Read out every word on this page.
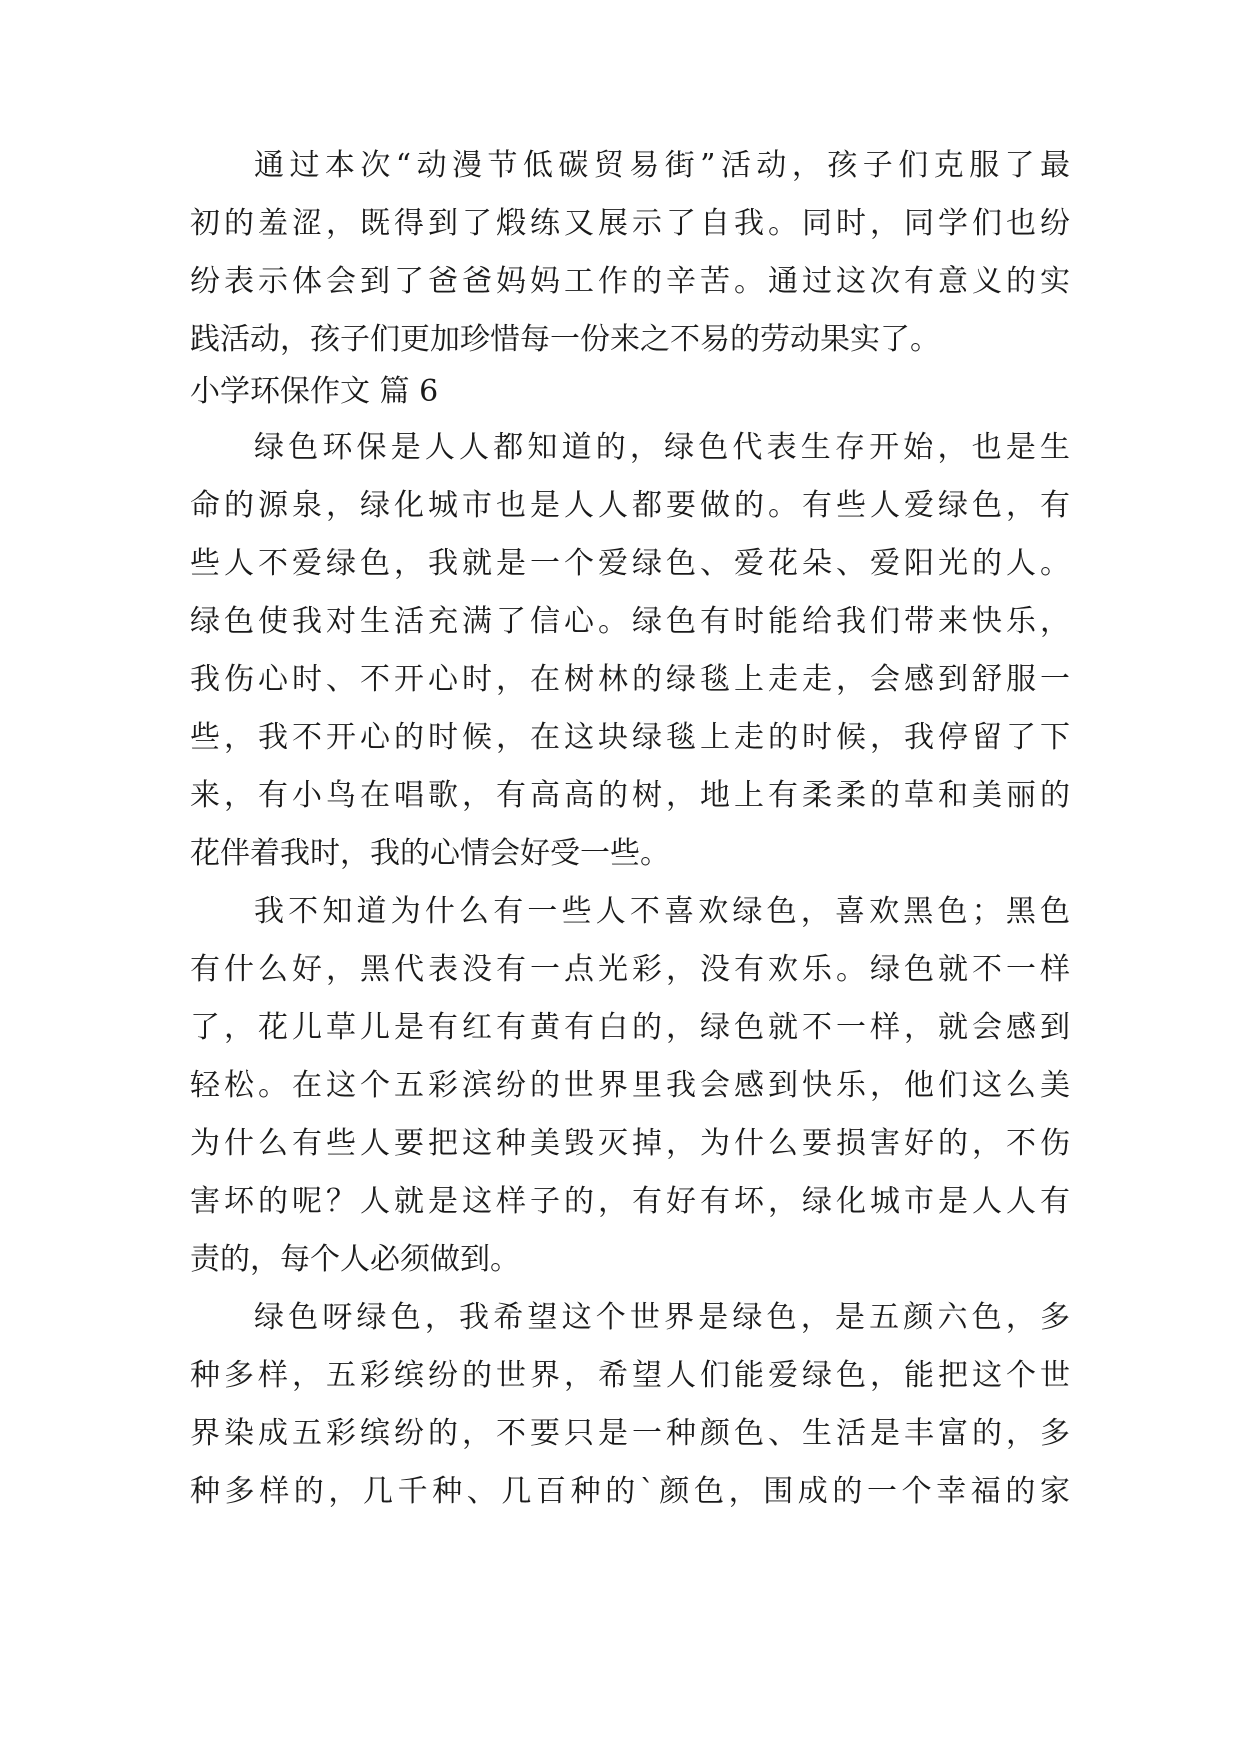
通过本次“动漫节低碳贸易街”活动，孩子们克服了最
初的羞涩，既得到了煅练又展示了自我。同时，同学们也纷
纷表示体会到了爸爸妈妈工作的辛苦。通过这次有意义的实
践活动，孩子们更加珍惜每一份来之不易的劳动果实了。
小学环保作文 篇 6
绿色环保是人人都知道的，绿色代表生存开始，也是生
命的源泉，绿化城市也是人人都要做的。有些人爱绿色，有
些人不爱绿色，我就是一个爱绿色、爱花朵、爱阳光的人。
绿色使我对生活充满了信心。绿色有时能给我们带来快乐，
我伤心时、不开心时，在树林的绿毯上走走，会感到舒服一
些，我不开心的时候，在这块绿毯上走的时候，我停留了下
来，有小鸟在唱歌，有高高的树，地上有柔柔的草和美丽的
花伴着我时，我的心情会好受一些。
我不知道为什么有一些人不喜欢绿色，喜欢黑色；黑色
有什么好，黑代表没有一点光彩，没有欢乐。绿色就不一样
了，花儿草儿是有红有黄有白的，绿色就不一样，就会感到
轻松。在这个五彩滨纷的世界里我会感到快乐，他们这么美
为什么有些人要把这种美毁灭掉，为什么要损害好的，不伤
害坏的呢？人就是这样子的，有好有坏，绿化城市是人人有
责的，每个人必须做到。
绿色呀绿色，我希望这个世界是绿色，是五颜六色，多
种多样，五彩缤纷的世界，希望人们能爱绿色，能把这个世
界染成五彩缤纷的，不要只是一种颜色、生活是丰富的，多
种多样的，几千种、几百种的`颜色，围成的一个幸福的家
